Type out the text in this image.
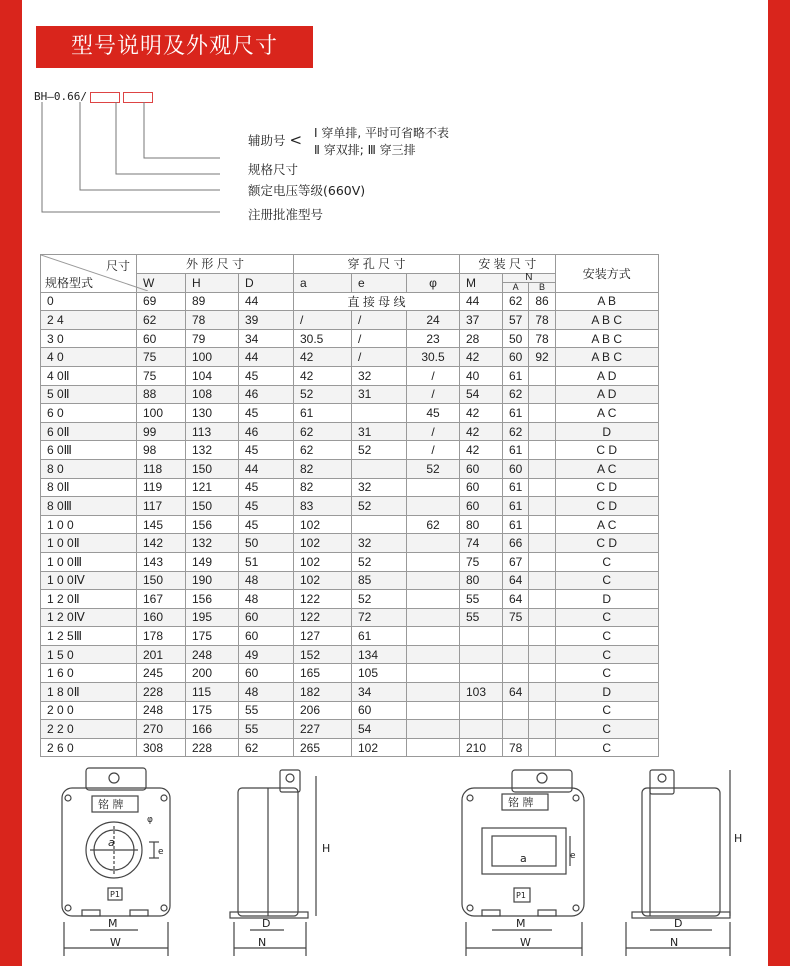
型号说明及外观尺寸
BH—0.66/
辅助号 < Ⅰ 穿单排, 平时可省略不表
Ⅱ 穿双排; Ⅲ 穿三排
规格尺寸
额定电压等级(660V)
注册批准型号
尺寸
规格型式	外 形 尺 寸			穿 孔 尺 寸			安 装 尺 寸			安装方式
	W	H	D	a	e	φ	M	N
A B		

0	69	89	44	直 接 母 线			44	62	86	A B
2 4	62	78	39	/	/	24	37	57	78	A B C
3 0	60	79	34	30.5	/	23	28	50	78	A B C
4 0	75	100	44	42	/	30.5	42	60	92	A B C
4 0Ⅱ	75	104	45	42	32	/	40	61		A D
5 0Ⅱ	88	108	46	52	31	/	54	62		A D
6 0	100	130	45	61		45	42	61		A C
6 0Ⅱ	99	113	46	62	31	/	42	62		D
6 0Ⅲ	98	132	45	62	52	/	42	61		C D
8 0	118	150	44	82		52	60	60		A C
8 0Ⅱ	119	121	45	82	32		60	61		C D
8 0Ⅲ	117	150	45	83	52		60	61		C D
1 0 0	145	156	45	102		62	80	61		A C
1 0 0Ⅱ	142	132	50	102	32		74	66		C D
1 0 0Ⅲ	143	149	51	102	52		75	67		C
1 0 0Ⅳ	150	190	48	102	85		80	64		C
1 2 0Ⅱ	167	156	48	122	52		55	64		D
1 2 0Ⅳ	160	195	60	122	72		55	75		C
1 2 5Ⅲ	178	175	60	127	61					C
1 5 0	201	248	49	152	134					C
1 6 0	245	200	60	165	105					C
1 8 0Ⅱ	228	115	48	182	34		103	64		D
2 0 0	248	175	55	206	60					C
2 2 0	270	166	55	227	54					C
2 6 0	308	228	62	265	102		210	78		C
铭 牌	铭 牌
P1	P1
a
a
e	e
φ
H
H
D	D
M	M
W	W
N	N
